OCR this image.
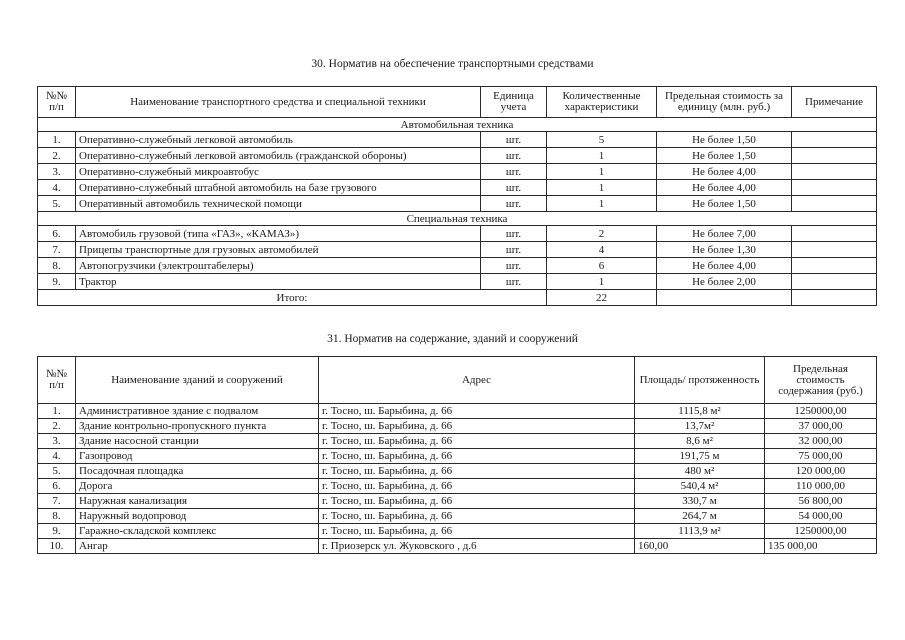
30. Норматив на обеспечение транспортными средствами
№№ п/п	Наименование транспортного средства и специальной техники	Единица учета	Количественные характеристики	Предельная стоимость за единицу (млн. руб.)	Примечание
Автомобильная техника					
1.	Оперативно-служебный легковой автомобиль	шт.	5	Не более 1,50	
2.	Оперативно-служебный легковой автомобиль (гражданской обороны)	шт.	1	Не более 1,50	
3.	Оперативно-служебный микроавтобус	шт.	1	Не более 4,00	
4.	Оперативно-служебный штабной автомобиль на базе грузового	шт.	1	Не более 4,00	
5.	Оперативный автомобиль технической помощи	шт.	1	Не более 1,50	
Специальная техника					
6.	Автомобиль грузовой (типа «ГАЗ», «КАМАЗ»)	шт.	2	Не более 7,00	
7.	Прицепы транспортные для грузовых автомобилей	шт.	4	Не более 1,30	
8.	Автопогрузчики (электроштабелеры)	шт.	6	Не более 4,00	
9.	Трактор	шт.	1	Не более 2,00	
Итого:			22		
31. Норматив на содержание, зданий и сооружений
№№ п/п	Наименование зданий и сооружений	Адрес	Площадь/ протяженность	Предельная стоимость содержания (руб.)
1.	Административное здание с подвалом	г. Тосно, ш. Барыбина, д. 66	1115,8 м²	1250000,00
2.	Здание контрольно-пропускного пункта	г. Тосно, ш. Барыбина, д. 66	13,7м²	37 000,00
3.	Здание насосной станции	г. Тосно, ш. Барыбина, д. 66	8,6 м²	32 000,00
4.	Газопровод	г. Тосно, ш. Барыбина, д. 66	191,75 м	75 000,00
5.	Посадочная площадка	г. Тосно, ш. Барыбина, д. 66	480 м²	120 000,00
6.	Дорога	г. Тосно, ш. Барыбина, д. 66	540,4 м²	110 000,00
7.	Наружная канализация	г. Тосно, ш. Барыбина, д. 66	330,7 м	56 800,00
8.	Наружный водопровод	г. Тосно, ш. Барыбина, д. 66	264,7 м	54 000,00
9.	Гаражно-складской комплекс	г. Тосно, ш. Барыбина, д. 66	1113,9 м²	1250000,00
10.	Ангар	г. Приозерск ул. Жуковского , д.6	160,00	135 000,00
